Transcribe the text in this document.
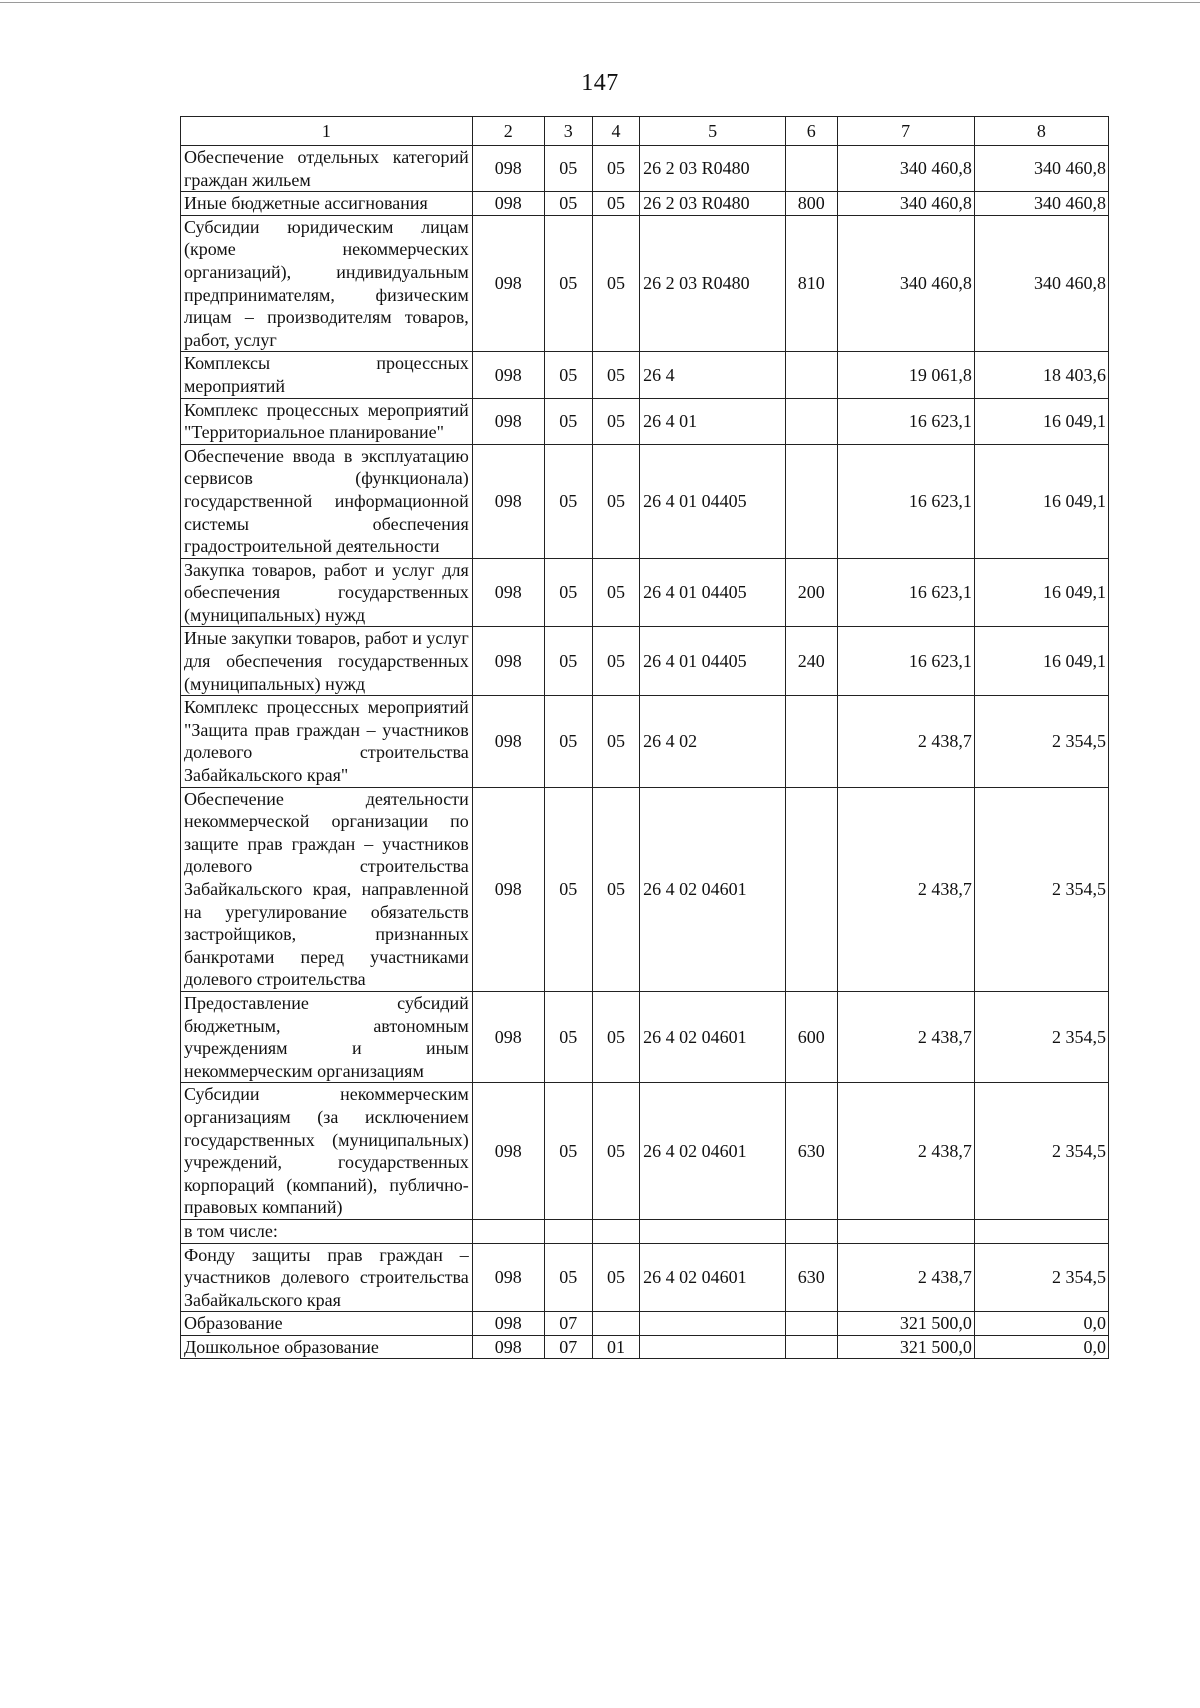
147
1	2	3	4	5	6	7	8
Обеспечение отдельных категорий граждан жильем	098	05	05	26 2 03 R0480		340 460,8	340 460,8
Иные бюджетные ассигнования	098	05	05	26 2 03 R0480	800	340 460,8	340 460,8
Субсидии юридическим лицам (кроме некоммерческих организаций), индивидуальным предпринимателям, физическим лицам – производителям товаров, работ, услуг	098	05	05	26 2 03 R0480	810	340 460,8	340 460,8
Комплексы процессных мероприятий	098	05	05	26 4		19 061,8	18 403,6
Комплекс процессных мероприятий "Территориальное планирование"	098	05	05	26 4 01		16 623,1	16 049,1
Обеспечение ввода в эксплуатацию сервисов (функционала) государственной информационной системы обеспечения градостроительной деятельности	098	05	05	26 4 01 04405		16 623,1	16 049,1
Закупка товаров, работ и услуг для обеспечения государственных (муниципальных) нужд	098	05	05	26 4 01 04405	200	16 623,1	16 049,1
Иные закупки товаров, работ и услуг для обеспечения государственных (муниципальных) нужд	098	05	05	26 4 01 04405	240	16 623,1	16 049,1
Комплекс процессных мероприятий "Защита прав граждан – участников долевого строительства Забайкальского края"	098	05	05	26 4 02		2 438,7	2 354,5
Обеспечение деятельности некоммерческой организации по защите прав граждан – участников долевого строительства Забайкальского края, направленной на урегулирование обязательств застройщиков, признанных банкротами перед участниками долевого строительства	098	05	05	26 4 02 04601		2 438,7	2 354,5
Предоставление субсидий бюджетным, автономным учреждениям и иным некоммерческим организациям	098	05	05	26 4 02 04601	600	2 438,7	2 354,5
Субсидии некоммерческим организациям (за исключением государственных (муниципальных) учреждений, государственных корпораций (компаний), публично-правовых компаний)	098	05	05	26 4 02 04601	630	2 438,7	2 354,5
в том числе:							
Фонду защиты прав граждан – участников долевого строительства Забайкальского края	098	05	05	26 4 02 04601	630	2 438,7	2 354,5
Образование	098	07				321 500,0	0,0
Дошкольное образование	098	07	01			321 500,0	0,0
